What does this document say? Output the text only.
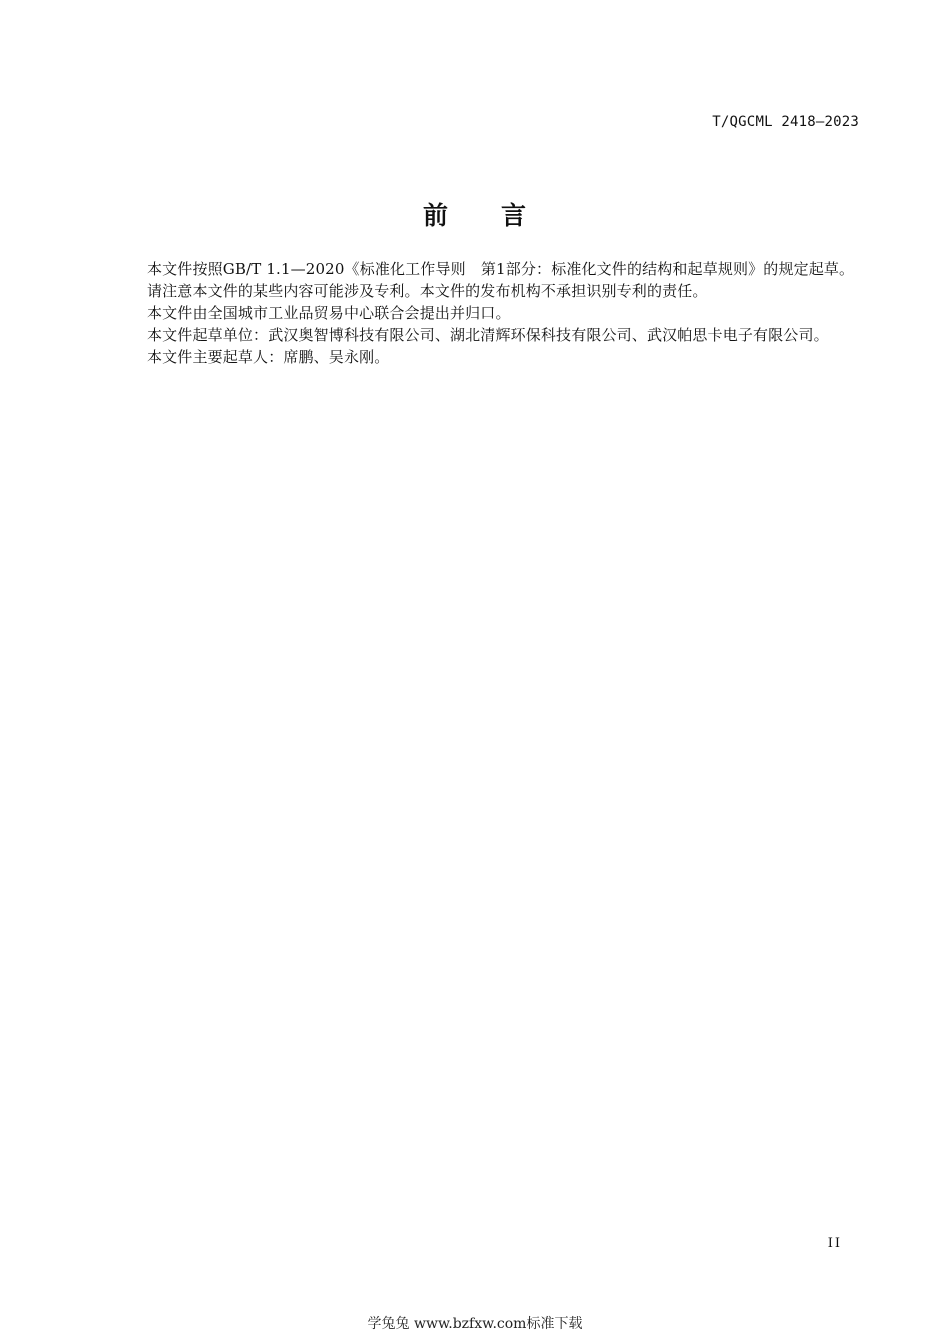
T/QGCML 2418—2023
前 言

本文件按照GB/T 1.1—2020《标准化工作导则　第1部分：标准化文件的结构和起草规则》的规定起草。

请注意本文件的某些内容可能涉及专利。本文件的发布机构不承担识别专利的责任。

本文件由全国城市工业品贸易中心联合会提出并归口。

本文件起草单位：武汉奥智博科技有限公司、湖北清辉环保科技有限公司、武汉帕思卡电子有限公司。

本文件主要起草人：席鹏、吴永刚。

II
学兔兔 www.bzfxw.com标准下载
